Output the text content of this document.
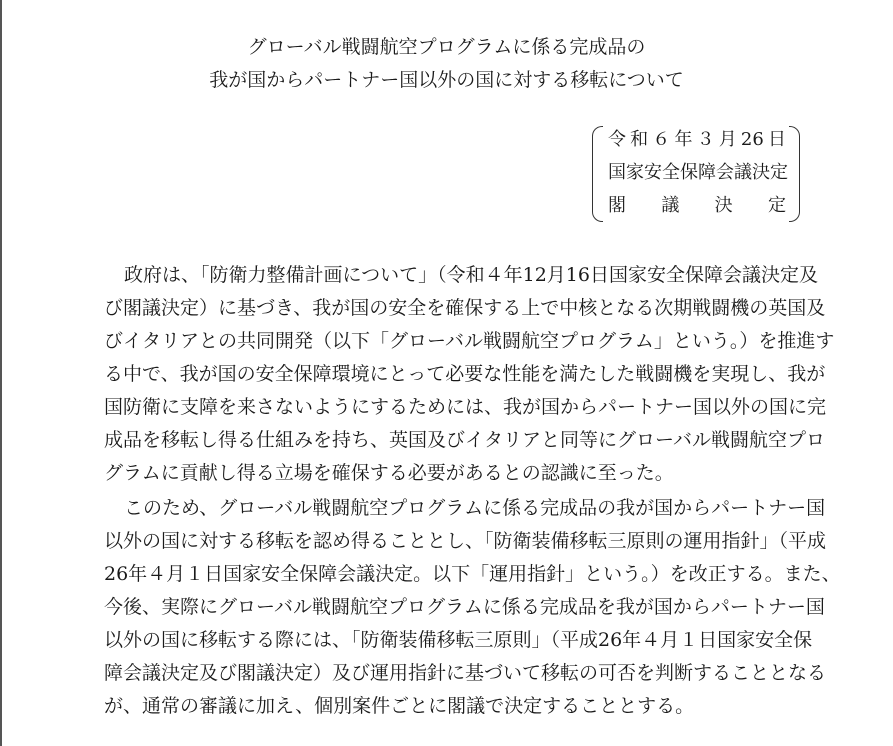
グローバル戦闘航空プログラムに係る完成品の
我が国からパートナー国以外の国に対する移転について
令和６年３月26日
国家安全保障会議決定
閣 議 決 定
政府は、「防衛力整備計画について」（令和４年12月16日国家安全保障会議決定及
び閣議決定）に基づき、我が国の安全を確保する上で中核となる次期戦闘機の英国及
びイタリアとの共同開発（以下「グローバル戦闘航空プログラム」という。）を推進す
る中で、我が国の安全保障環境にとって必要な性能を満たした戦闘機を実現し、我が
国防衛に支障を来さないようにするためには、我が国からパートナー国以外の国に完
成品を移転し得る仕組みを持ち、英国及びイタリアと同等にグローバル戦闘航空プロ
グラムに貢献し得る立場を確保する必要があるとの認識に至った。
このため、グローバル戦闘航空プログラムに係る完成品の我が国からパートナー国
以外の国に対する移転を認め得ることとし、「防衛装備移転三原則の運用指針」（平成
26年４月１日国家安全保障会議決定。以下「運用指針」という。）を改正する。また、
今後、実際にグローバル戦闘航空プログラムに係る完成品を我が国からパートナー国
以外の国に移転する際には、「防衛装備移転三原則」（平成26年４月１日国家安全保
障会議決定及び閣議決定）及び運用指針に基づいて移転の可否を判断することとなる
が、通常の審議に加え、個別案件ごとに閣議で決定することとする。
